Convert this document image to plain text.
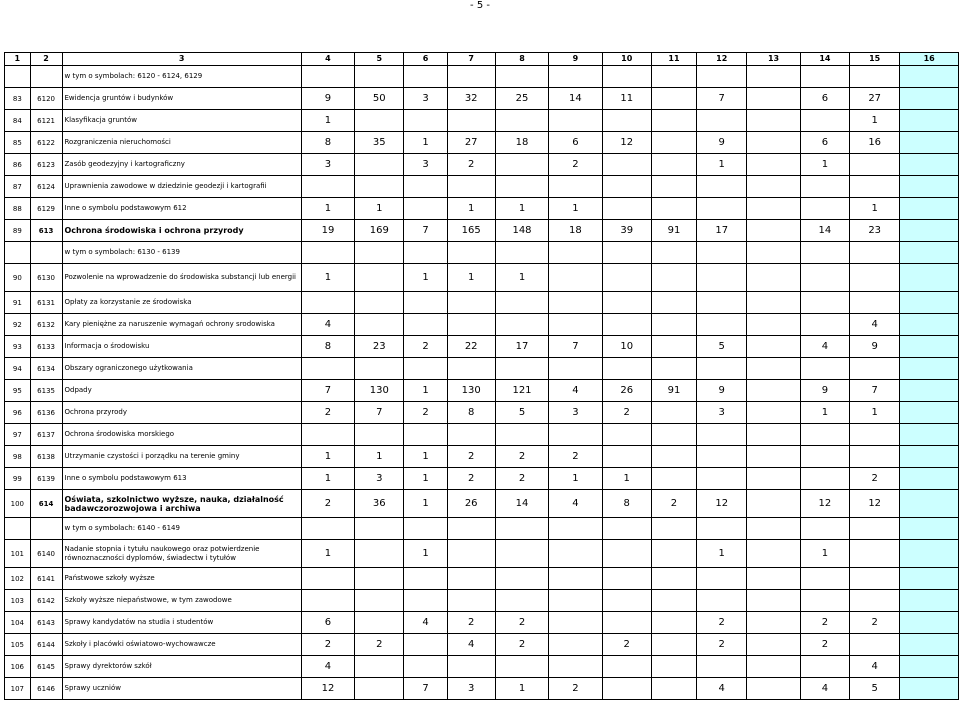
- 5 -
1	2	3	4	5	6	7	8	9	10	11	12	13	14	15	16
		w tym o symbolach: 6120 - 6124, 6129													
83	6120	Ewidencja gruntów i budynków	9	50	3	32	25	14	11		7		6	27	
84	6121	Klasyfikacja gruntów	1											1	
85	6122	Rozgraniczenia nieruchomości	8	35	1	27	18	6	12		9		6	16	
86	6123	Zasób geodezyjny i kartograficzny	3		3	2		2			1		1		
87	6124	Uprawnienia zawodowe w dziedzinie geodezji i kartografii													
88	6129	Inne o symbolu podstawowym 612	1	1		1	1	1						1	
89	613	Ochrona środowiska i ochrona przyrody	19	169	7	165	148	18	39	91	17		14	23	
		w tym o symbolach: 6130 - 6139													
90	6130	Pozwolenie na wprowadzenie do środowiska substancji lub energii	1		1	1	1								
91	6131	Opłaty za korzystanie ze środowiska													
92	6132	Kary pieniężne za naruszenie wymagań ochrony srodowiska	4											4	
93	6133	Informacja o środowisku	8	23	2	22	17	7	10		5		4	9	
94	6134	Obszary ograniczonego użytkowania													
95	6135	Odpady	7	130	1	130	121	4	26	91	9		9	7	
96	6136	Ochrona przyrody	2	7	2	8	5	3	2		3		1	1	
97	6137	Ochrona środowiska morskiego													
98	6138	Utrzymanie czystości i porządku na terenie gminy	1	1	1	2	2	2							
99	6139	Inne o symbolu podstawowym 613	1	3	1	2	2	1	1					2	
100	614	Oświata, szkolnictwo wyższe, nauka, działalność badawczorozwojowa i archiwa	2	36	1	26	14	4	8	2	12		12	12	
		w tym o symbolach: 6140 - 6149													
101	6140	Nadanie stopnia i tytułu naukowego oraz potwierdzenie równoznaczności dyplomów, świadectw i tytułów	1		1						1		1		
102	6141	Państwowe szkoły wyższe													
103	6142	Szkoły wyższe niepaństwowe, w tym zawodowe													
104	6143	Sprawy kandydatów na studia i studentów	6		4	2	2				2		2	2	
105	6144	Szkoły i placówki oświatowo-wychowawcze	2	2		4	2		2		2		2		
106	6145	Sprawy dyrektorów szkół	4											4	
107	6146	Sprawy uczniów	12		7	3	1	2			4		4	5	
